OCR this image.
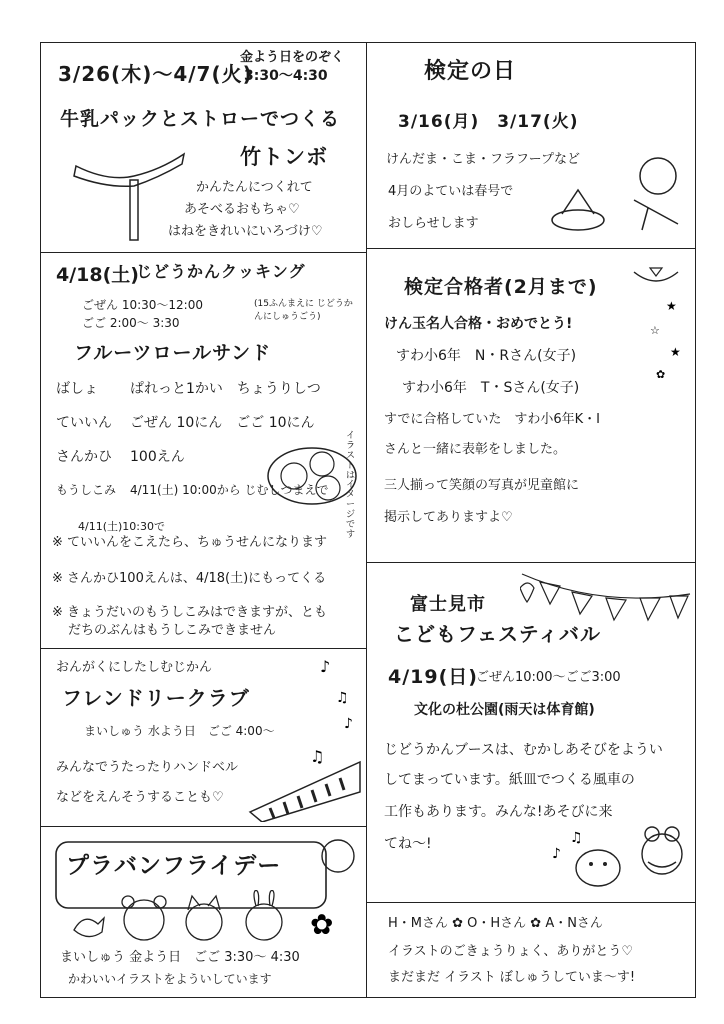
3/26(木)〜4/7(火)
金よう日をのぞく
3:30〜4:30
牛乳パックとストローでつくる
竹トンボ
かんたんにつくれて
あそべるおもちゃ♡
はねをきれいにいろづけ♡
検定の日
3/16(月)　3/17(火)
けんだま・こま・フラフープなど
4月のよていは春号で
おしらせします
じどうかんクッキング
4/18(土)
ごぜん 10:30〜12:00
ごご 2:00〜 3:30
(15ふんまえに じどうかんにしゅうごう)
フルーツロールサンド
ばしょ	ぱれっと1かい　ちょうりしつ
ていいん ごぜん 10にん　ごご 10にん
さんかひ 100えん
もうしこみ 4/11(土) 10:00から じむしつまえで
4/11(土)10:30で
※ ていいんをこえたら、ちゅうせんになります
※ さんかひ100えんは、4/18(土)にもってくる
※ きょうだいのもうしこみはできますが、とも
だちのぶんはもうしこみできません
イラストはイメージです
検定合格者(2月まで)
けん玉名人合格・おめでとう!
すわ小6年　N・Rさん(女子)
すわ小6年　T・Sさん(女子)
すでに合格していた　すわ小6年K・I
さんと一緒に表彰をしました。
三人揃って笑顔の写真が児童館に
掲示してありますよ♡
★
☆
★
✿
おんがくにしたしむじかん
フレンドリークラブ
まいしゅう 水よう日　ごご 4:00〜
みんなでうたったりハンドベル
などをえんそうすることも♡
♪
♫
♪
♫
富士見市
こどもフェスティバル
4/19(日)
ごぜん10:00〜ごご3:00
文化の杜公園(雨天は体育館)
じどうかんブースは、むかしあそびをようい
してまっています。紙皿でつくる風車の
工作もあります。みんな!あそびに来
てね〜!
♪
♫
プラバンフライデー
✿
まいしゅう 金よう日　ごご 3:30〜 4:30
かわいいイラストをよういしています
H・Mさん ✿ O・Hさん ✿ A・Nさん
イラストのごきょうりょく、ありがとう♡
まだまだ イラスト ぼしゅうしていま〜す!
